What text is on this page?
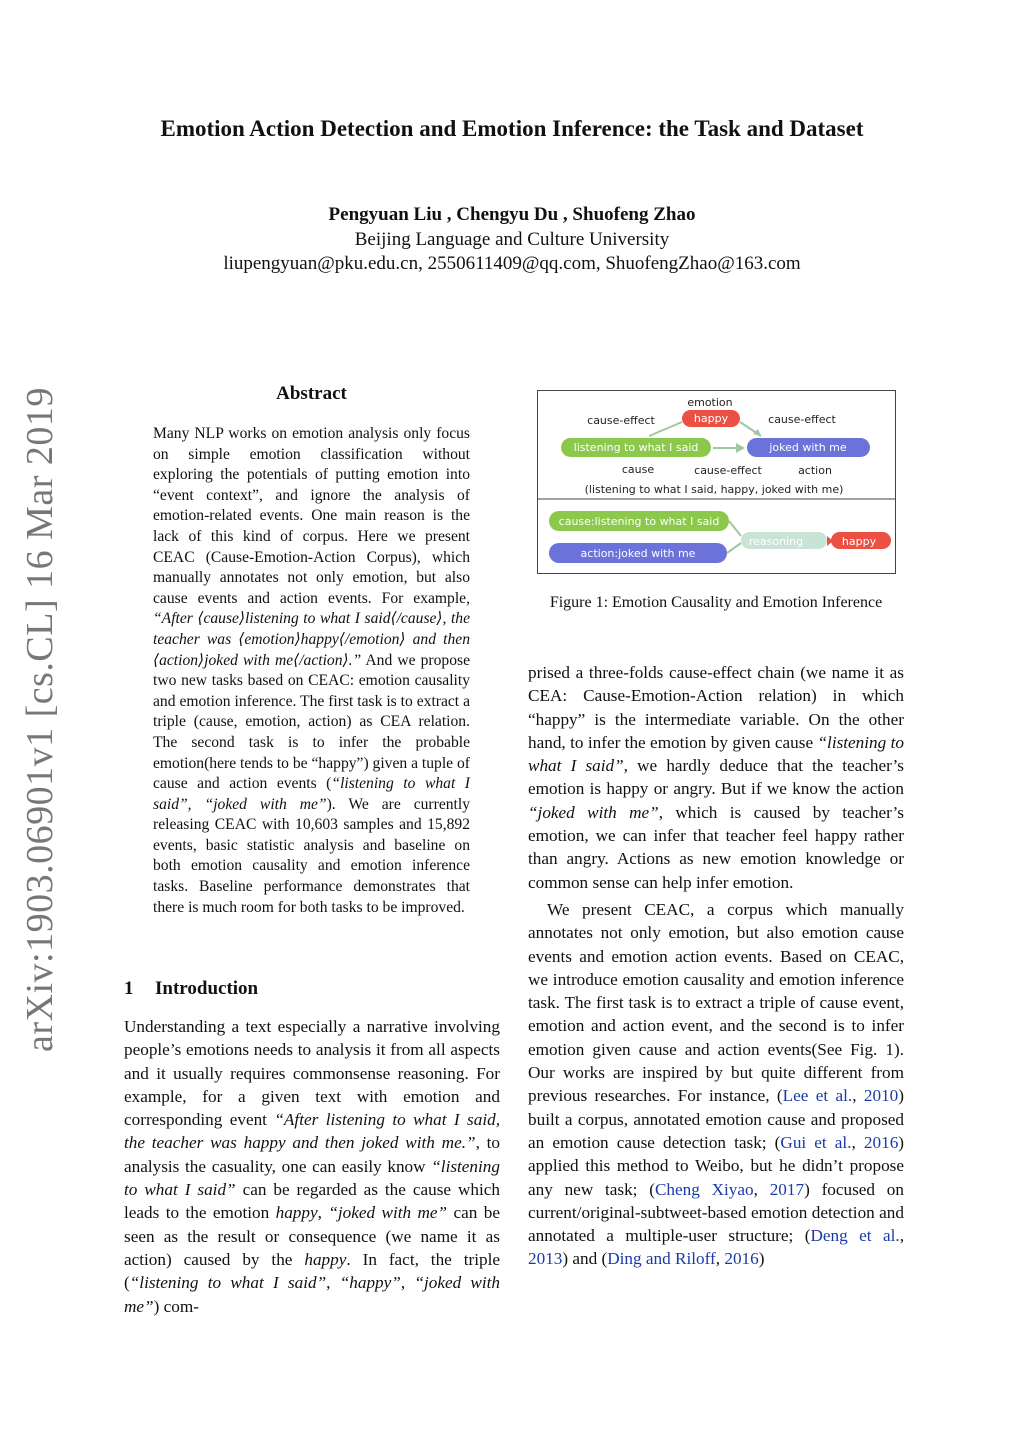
arXiv:1903.06901v1 [cs.CL] 16 Mar 2019
Emotion Action Detection and Emotion Inference: the Task and Dataset
Pengyuan Liu , Chengyu Du , Shuofeng Zhao
Beijing Language and Culture University
liupengyuan@pku.edu.cn, 2550611409@qq.com, ShuofengZhao@163.com
Abstract
Many NLP works on emotion analysis only focus on simple emotion classification without exploring the potentials of putting emotion into “event context”, and ignore the analysis of emotion-related events. One main reason is the lack of this kind of corpus. Here we present CEAC (Cause-Emotion-Action Corpus), which manually annotates not only emotion, but also cause events and action events. For example, “After ⟨cause⟩listening to what I said⟨/cause⟩, the teacher was ⟨emotion⟩happy⟨/emotion⟩ and then ⟨action⟩joked with me⟨/action⟩.” And we propose two new tasks based on CEAC: emotion causality and emotion inference. The first task is to extract a triple (cause, emotion, action) as CEA relation. The second task is to infer the probable emotion(here tends to be “happy”) given a tuple of cause and action events (“listening to what I said”, “joked with me”). We are currently releasing CEAC with 10,603 samples and 15,892 events, basic statistic analysis and baseline on both emotion causality and emotion inference tasks. Baseline performance demonstrates that there is much room for both tasks to be improved.
1 Introduction
Understanding a text especially a narrative involving people’s emotions needs to analysis it from all aspects and it usually requires commonsense reasoning. For example, for a given text with emotion and corresponding event “After listening to what I said, the teacher was happy and then joked with me.”, to analysis the casuality, one can easily know “listening to what I said” can be regarded as the cause which leads to the emotion happy, “joked with me” can be seen as the result or consequence (we name it as action) caused by the happy. In fact, the triple (“listening to what I said”, “happy”, “joked with me”) com-
emotion
happy
cause-effect	cause-effect
listening to what I said	joked with me
cause	cause-effect	action
(listening to what I said, happy, joked with me)
cause:listening to what I said
action:joked with me
reasoning	happy
Figure 1: Emotion Causality and Emotion Inference

prised a three-folds cause-effect chain (we name it as CEA: Cause-Emotion-Action relation) in which “happy” is the intermediate variable. On the other hand, to infer the emotion by given cause “listening to what I said”, we hardly deduce that the teacher’s emotion is happy or angry. But if we know the action “joked with me”, which is caused by teacher’s emotion, we can infer that teacher feel happy rather than angry. Actions as new emotion knowledge or common sense can help infer emotion.

We present CEAC, a corpus which manually annotates not only emotion, but also emotion cause events and emotion action events. Based on CEAC, we introduce emotion causality and emotion inference task. The first task is to extract a triple of cause event, emotion and action event, and the second is to infer emotion given cause and action events(See Fig. 1). Our works are inspired by but quite different from previous researches. For instance, (Lee et al., 2010) built a corpus, annotated emotion cause and proposed an emotion cause detection task; (Gui et al., 2016) applied this method to Weibo, but he didn’t propose any new task; (Cheng Xiyao, 2017) focused on current/original-subtweet-based emotion detection and annotated a multiple-user structure; (Deng et al., 2013) and (Ding and Riloff, 2016)
